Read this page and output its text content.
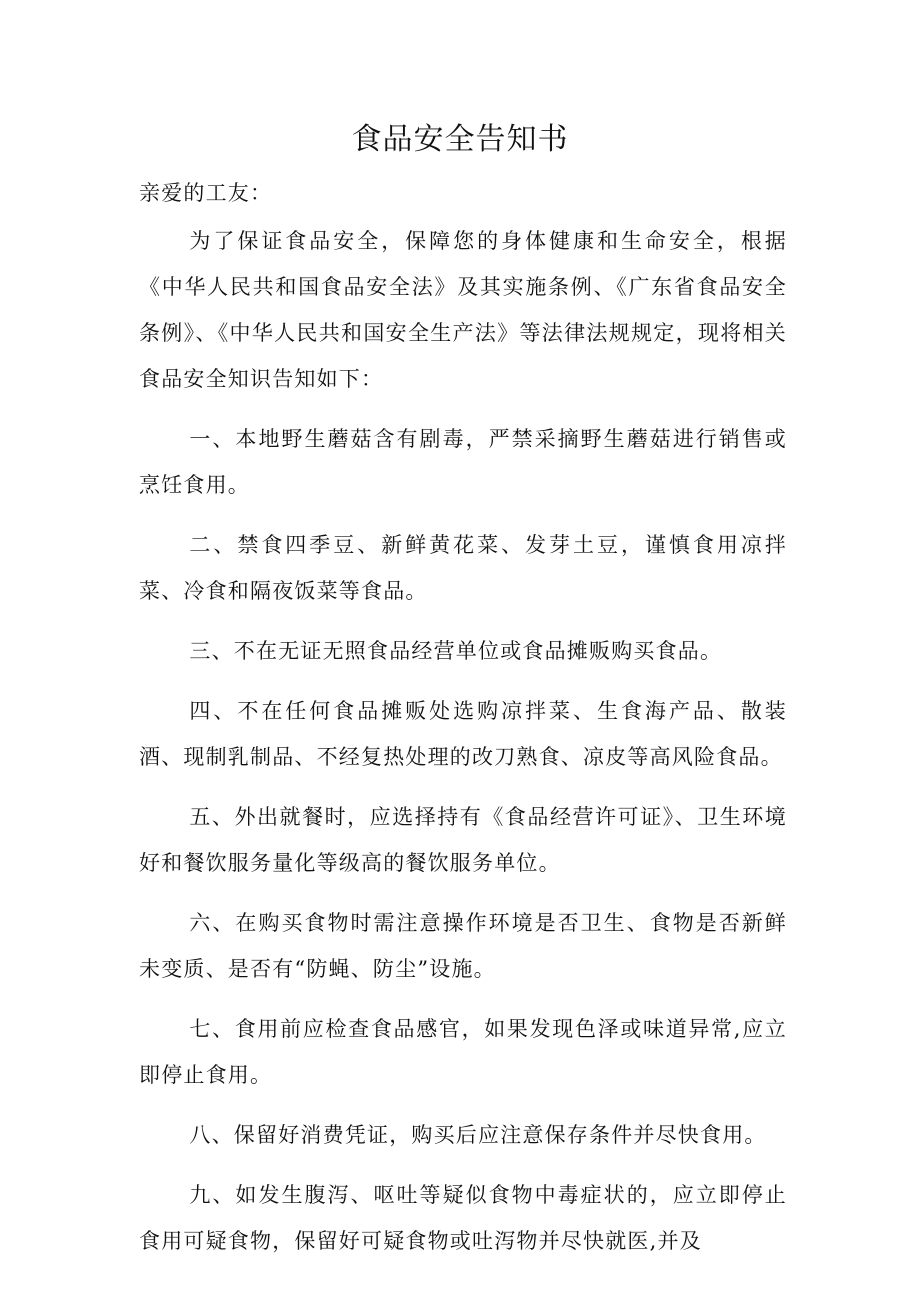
食品安全告知书

亲爱的工友：

为了保证食品安全，保障您的身体健康和生命安全，根据《中华人民共和国食品安全法》及其实施条例、《广东省食品安全条例》、《中华人民共和国安全生产法》等法律法规规定，现将相关食品安全知识告知如下：

一、本地野生蘑菇含有剧毒，严禁采摘野生蘑菇进行销售或烹饪食用。

二、禁食四季豆、新鲜黄花菜、发芽土豆，谨慎食用凉拌菜、冷食和隔夜饭菜等食品。

三、不在无证无照食品经营单位或食品摊贩购买食品。

四、不在任何食品摊贩处选购凉拌菜、生食海产品、散装酒、现制乳制品、不经复热处理的改刀熟食、凉皮等高风险食品。

五、外出就餐时，应选择持有《食品经营许可证》、卫生环境好和餐饮服务量化等级高的餐饮服务单位。

六、在购买食物时需注意操作环境是否卫生、食物是否新鲜未变质、是否有“防蝇、防尘”设施。

七、食用前应检查食品感官，如果发现色泽或味道异常,应立即停止食用。

八、保留好消费凭证，购买后应注意保存条件并尽快食用。

九、如发生腹泻、呕吐等疑似食物中毒症状的，应立即停止食用可疑食物，保留好可疑食物或吐泻物并尽快就医,并及
